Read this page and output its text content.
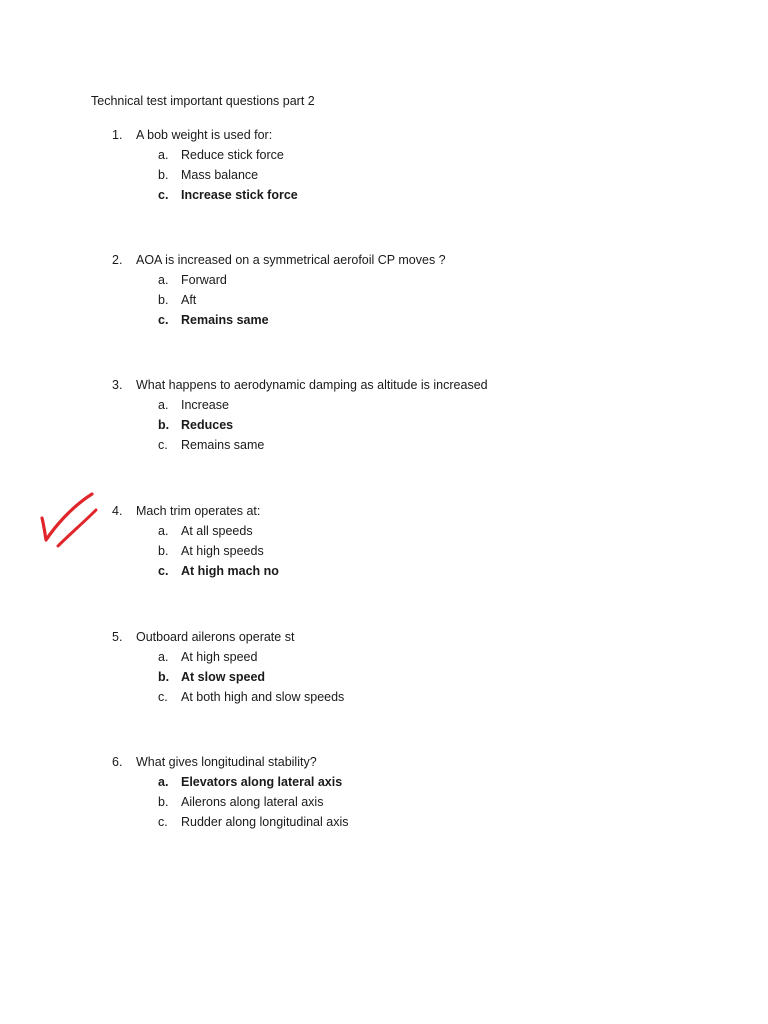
Technical test important questions part 2
1. A bob weight is used for:
a. Reduce stick force
b. Mass balance
c. Increase stick force
2. AOA is increased on a symmetrical aerofoil CP moves ?
a. Forward
b. Aft
c. Remains same
3. What happens to aerodynamic damping as altitude is increased
a. Increase
b. Reduces
c. Remains same
4. Mach trim operates at:
a. At all speeds
b. At high speeds
c. At high mach no
5. Outboard ailerons operate st
a. At high speed
b. At slow speed
c. At both high and slow speeds
6. What gives longitudinal stability?
a. Elevators along lateral axis
b. Ailerons along lateral axis
c. Rudder along longitudinal axis
